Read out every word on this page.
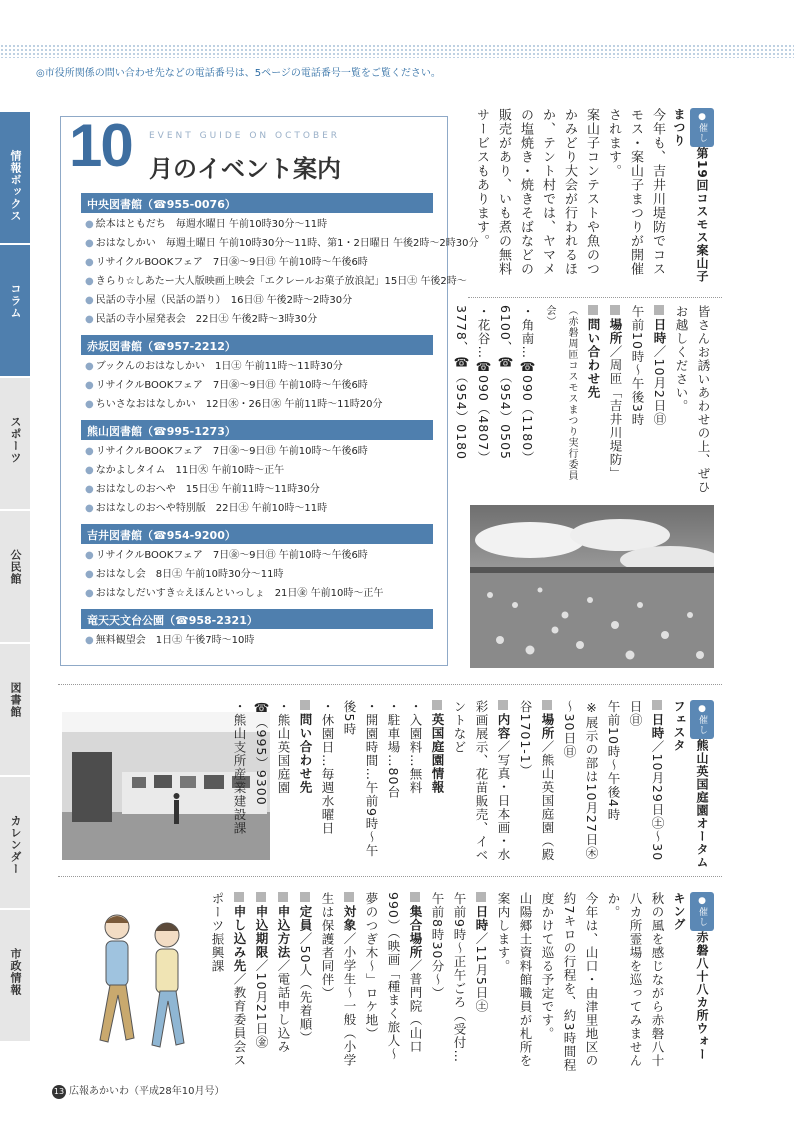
◎市役所関係の問い合わせ先などの電話番号は、5ページの電話番号一覧をご覧ください。
情報ボックス
コラム
スポーツ
公民館
図書館
カレンダー
市政情報
10 EVENT GUIDE ON OCTOBER
月のイベント案内
中央図書館（☎955-0076）
● 絵本はともだち　毎週水曜日 午前10時30分～11時
● おはなしかい　毎週土曜日 午前10時30分～11時、第1・2日曜日 午後2時～2時30分
● リサイクルBOOKフェア　7日㊎～9日㊐ 午前10時～午後6時
● きらり☆しあたー大人版映画上映会「エクレールお菓子放浪記」15日㊏ 午後2時～
● 民話の寺小屋（民話の語り）　16日㊐ 午後2時～2時30分
● 民話の寺小屋発表会　22日㊏ 午後2時～3時30分
赤坂図書館（☎957-2212）
● ブックんのおはなしかい　1日㊏ 午前11時～11時30分
● リサイクルBOOKフェア　7日㊎～9日㊐ 午前10時～午後6時
● ちいさなおはなしかい　12日㊌・26日㊌ 午前11時～11時20分
熊山図書館（☎995-1273）
● リサイクルBOOKフェア　7日㊎～9日㊐ 午前10時～午後6時
● なかよしタイム　11日㊋ 午前10時～正午
● おはなしのおへや　15日㊏ 午前11時～11時30分
● おはなしのおへや特別版　22日㊏ 午前10時～11時
吉井図書館（☎954-9200）
● リサイクルBOOKフェア　7日㊎～9日㊐ 午前10時～午後6時
● おはなし会　8日㊏ 午前10時30分～11時
● おはなしだいすき☆えほんといっしょ　21日㊎ 午前10時～正午
竜天天文台公園（☎958-2321）
● 無料観望会　1日㊏ 午後7時～10時

●催し第19回コスモス案山子まつり

今年も、吉井川堤防でコスモス・案山子まつりが開催されます。

案山子コンテストや魚のつかみどり大会が行われるほか、テント村では、ヤマメの塩焼き・焼きそばなどの販売があり、いも煮の無料サービスもあります。

皆さんお誘いあわせの上、ぜひお越しください。

日時／10月2日㊐

午前10時～午後3時

場所／周匝「吉井川堤防」

問い合わせ先

（赤磐周匝コスモスまつり実行委員会）

・角南…☎090（1180）6100、☎（954）0505

・花谷…☎090（4807）3778、☎（954）0180

●催し熊山英国庭園オータムフェスタ

日時／10月29日㊏～30日㊐

午前10時～午後4時

※展示の部は10月27日㊍～30日㊐

場所／熊山英国庭園（殿谷1701-1）

内容／写真・日本画・水彩画展示、花苗販売、イベントなど

英国庭園情報

・入園料…無料

・駐車場…80台

・開園時間…午前9時～午後5時

・休園日…毎週水曜日

問い合わせ先

・熊山英国庭園

☎（995）9300

・熊山支所産業建設課

●催し赤磐八十八カ所ウォーキング

秋の風を感じながら赤磐八十八カ所霊場を巡ってみませんか。

今年は、山口・由津里地区の約7キロの行程を、約3時間程度かけて巡る予定です。

山陽郷土資料館職員が札所を案内します。

日時／11月5日㊏

午前9時～正午ごろ（受付…午前8時30分～）

集合場所／普門院（山口990）（映画「種まく旅人～夢のつぎ木～」ロケ地）

対象／小学生～一般（小学生は保護者同伴）

定員／50人（先着順）

申込方法／電話申し込み

申込期限／10月21日㊎

申し込み先／教育委員会スポーツ振興課

13 広報あかいわ（平成28年10月号）
